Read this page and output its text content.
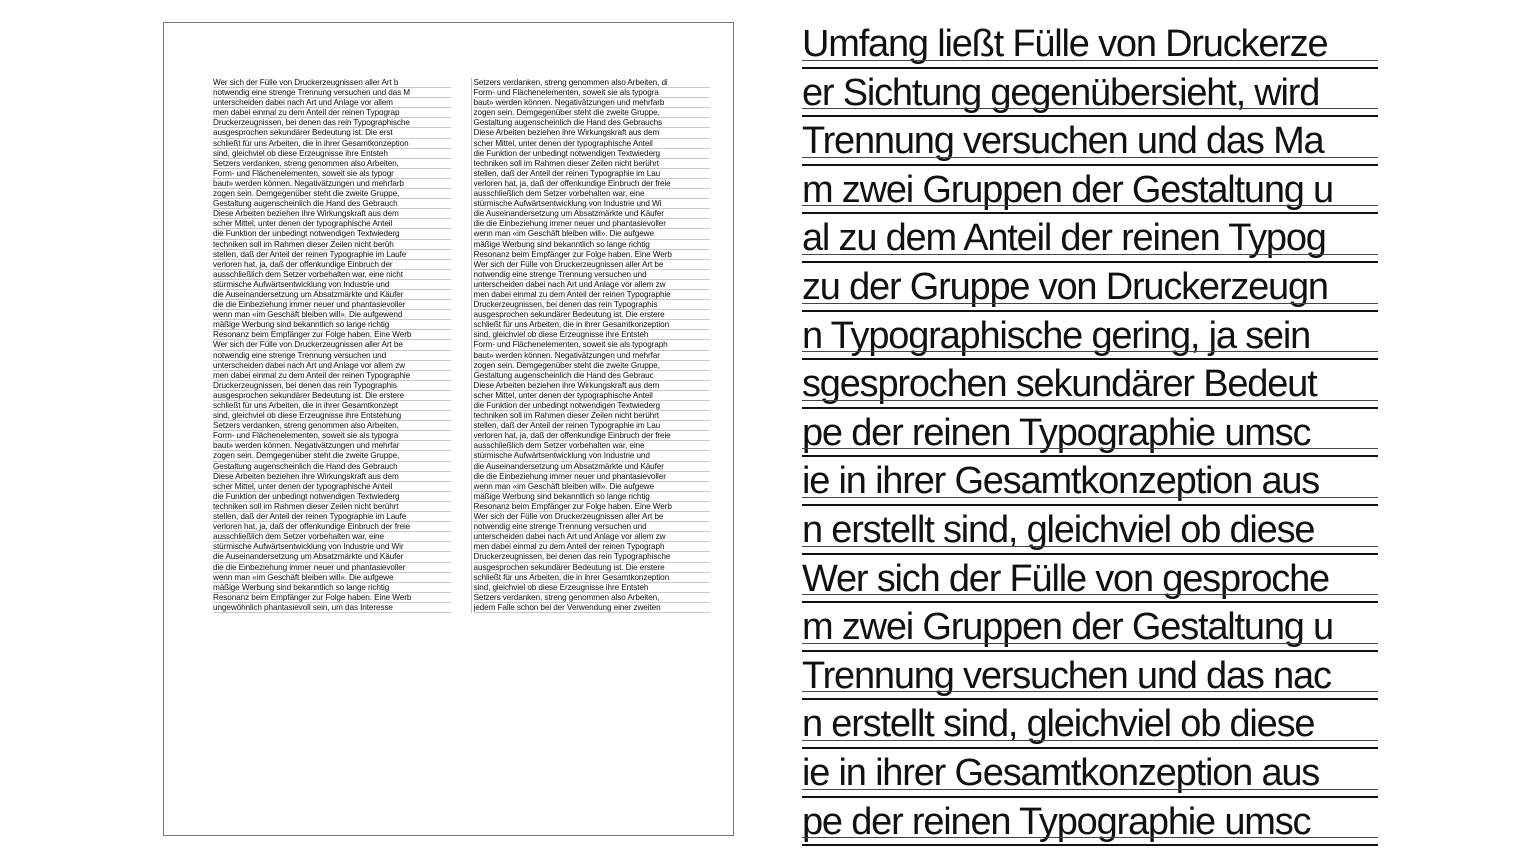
Wer sich der Fülle von Druckerzeugnissen aller Art b
notwendig eine strenge Trennung versuchen und das M
unterscheiden dabei nach Art und Anlage vor allem
men dabei einmal zu dem Anteil der reinen Typograp
Druckerzeugnissen, bei denen das rein Typographische
ausgesprochen sekundärer Bedeutung ist. Die erst
schließt für uns Arbeiten, die in ihrer Gesamtkonzeption
sind, gleichviel ob diese Erzeugnisse ihre Entsteh
Setzers verdanken, streng genommen also Arbeiten,
Form- und Flächenelementen, soweit sie als typogr
baut» werden können. Negativätzungen und mehrfarb
zogen sein. Demgegenüber steht die zweite Gruppe,
Gestaltung augenscheinlich die Hand des Gebrauch
Diese Arbeiten beziehen ihre Wirkungskraft aus dem
scher Mittel, unter denen der typographische Anteil
die Funktion der unbedingt notwendigen Textwiederg
techniken soll im Rahmen dieser Zeilen nicht berüh
stellen, daß der Anteil der reinen Typographie im Laufe
verloren hat, ja, daß der offenkundige Einbruch der
ausschließlich dem Setzer vorbehalten war, eine nicht
stürmische Aufwärtsentwicklung von Industrie und
die Auseinandersetzung um Absatzmärkte und Käufer
die die Einbeziehung immer neuer und phantasievoller
wenn man «im Geschäft bleiben will». Die aufgewend
mäßige Werbung sind bekanntlich so lange richtig
Resonanz beim Empfänger zur Folge haben. Eine Werb
Wer sich der Fülle von Druckerzeugnissen aller Art be
notwendig eine strenge Trennung versuchen und
unterscheiden dabei nach Art und Anlage vor allem zw
men dabei einmal zu dem Anteil der reinen Typographie
Druckerzeugnissen, bei denen das rein Typographis
ausgesprochen sekundärer Bedeutung ist. Die erstere
schließt für uns Arbeiten, die in ihrer Gesamtkonzept
sind, gleichviel ob diese Erzeugnisse ihre Entstehung
Setzers verdanken, streng genommen also Arbeiten,
Form- und Flächenelementen, soweit sie als typogra
baut» werden können. Negativätzungen und mehrfar
zogen sein. Demgegenüber steht die zweite Gruppe,
Gestaltung augenscheinlich die Hand des Gebrauch
Diese Arbeiten beziehen ihre Wirkungskraft aus dem
scher Mittel, unter denen der typographische Anteil
die Funktion der unbedingt notwendigen Textwiederg
techniken soll im Rahmen dieser Zeilen nicht berührt
stellen, daß der Anteil der reinen Typographie im Laufe
verloren hat, ja, daß der offenkundige Einbruch der freie
ausschließlich dem Setzer vorbehalten war, eine
stürmische Aufwärtsentwicklung von Industrie und Wir
die Auseinandersetzung um Absatzmärkte und Käufer
die die Einbeziehung immer neuer und phantasievoller
wenn man «im Geschäft bleiben will». Die aufgewe
mäßige Werbung sind bekanntlich so lange richtig
Resonanz beim Empfänger zur Folge haben. Eine Werb
ungewöhnlich phantasievoll sein, um das Interesse
Setzers verdanken, streng genommen also Arbeiten, di
Form- und Flächenelementen, soweit sie als typogra
baut» werden können. Negativätzungen und mehrfarb
zogen sein. Demgegenüber steht die zweite Gruppe,
Gestaltung augenscheinlich die Hand des Gebrauchs
Diese Arbeiten beziehen ihre Wirkungskraft aus dem
scher Mittel, unter denen der typographische Anteil
die Funktion der unbedingt notwendigen Textwiederg
techniken soll im Rahmen dieser Zeilen nicht berührt
stellen, daß der Anteil der reinen Typographie im Lau
verloren hat, ja, daß der offenkundige Einbruch der freie
ausschließlich dem Setzer vorbehalten war, eine
stürmische Aufwärtsentwicklung von Industrie und Wi
die Auseinandersetzung um Absatzmärkte und Käufer
die die Einbeziehung immer neuer und phantasievoller
wenn man «im Geschäft bleiben will». Die aufgewe
mäßige Werbung sind bekanntlich so lange richtig
Resonanz beim Empfänger zur Folge haben. Eine Werb
Wer sich der Fülle von Druckerzeugnissen aller Art be
notwendig eine strenge Trennung versuchen und
unterscheiden dabei nach Art und Anlage vor allem zw
men dabei einmal zu dem Anteil der reinen Typographie
Druckerzeugnissen, bei denen das rein Typographis
ausgesprochen sekundärer Bedeutung ist. Die erstere
schließt für uns Arbeiten, die in ihrer Gesamtkonzeption
sind, gleichviel ob diese Erzeugnisse ihre Entsteh
Form- und Flächenelementen, soweit sie als typograph
baut» werden können. Negativätzungen und mehrfar
zogen sein. Demgegenüber steht die zweite Gruppe,
Gestaltung augenscheinlich die Hand des Gebrauc
Diese Arbeiten beziehen ihre Wirkungskraft aus dem
scher Mittel, unter denen der typographische Anteil
die Funktion der unbedingt notwendigen Textwiederg
techniken soll im Rahmen dieser Zeilen nicht berührt
stellen, daß der Anteil der reinen Typographie im Lau
verloren hat, ja, daß der offenkundige Einbruch der freie
ausschließlich dem Setzer vorbehalten war, eine
stürmische Aufwärtsentwicklung von Industrie und
die Auseinandersetzung um Absatzmärkte und Käufer
die die Einbeziehung immer neuer und phantasievoller
wenn man «im Geschäft bleiben will». Die aufgewe
mäßige Werbung sind bekanntlich so lange richtig
Resonanz beim Empfänger zur Folge haben. Eine Werb
Wer sich der Fülle von Druckerzeugnissen aller Art be
notwendig eine strenge Trennung versuchen und
unterscheiden dabei nach Art und Anlage vor allem zw
men dabei einmal zu dem Anteil der reinen Typograph
Druckerzeugnissen, bei denen das rein Typographische
ausgesprochen sekundärer Bedeutung ist. Die erstere
schließt für uns Arbeiten, die in ihrer Gesamtkonzeption
sind, gleichviel ob diese Erzeugnisse ihre Entsteh
Setzers verdanken, streng genommen also Arbeiten,
jedem Falle schon bei der Verwendung einer zweiten
Umfang ließt Fülle von Druckerze
er Sichtung gegenübersieht, wird
Trennung versuchen und das Ma
m zwei Gruppen der Gestaltung u
al zu dem Anteil der reinen Typog
zu der Gruppe von Druckerzeugn
n Typographische gering, ja sein
sgesprochen sekundärer Bedeut
pe der reinen Typographie umsc
ie in ihrer Gesamtkonzeption aus
n erstellt sind, gleichviel ob diese
Wer sich der Fülle von gesproche
m zwei Gruppen der Gestaltung u
Trennung versuchen und das nac
n erstellt sind, gleichviel ob diese
ie in ihrer Gesamtkonzeption aus
pe der reinen Typographie umsc
